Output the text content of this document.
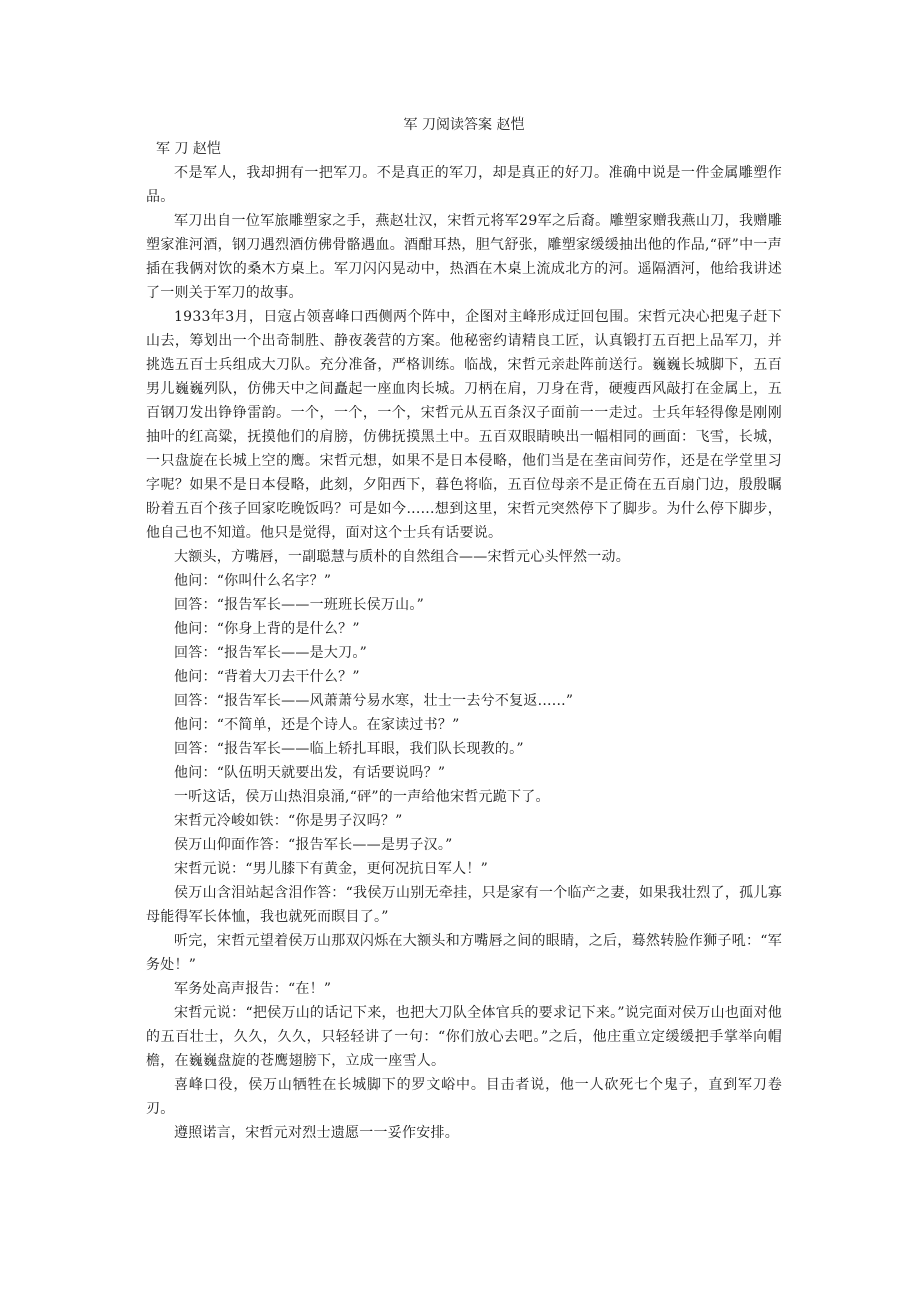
军 刀阅读答案 赵恺

军 刀 赵恺

不是军人，我却拥有一把军刀。不是真正的军刀，却是真正的好刀。准确中说是一件金属雕塑作品。

军刀出自一位军旅雕塑家之手，燕赵壮汉，宋哲元将军29军之后裔。雕塑家赠我燕山刀，我赠雕塑家淮河酒，钢刀遇烈酒仿佛骨骼遇血。酒酣耳热，胆气舒张，雕塑家缓缓抽出他的作品,“砰”中一声插在我俩对饮的桑木方桌上。军刀闪闪晃动中，热酒在木桌上流成北方的河。遥隔酒河，他给我讲述了一则关于军刀的故事。

1933年3月，日寇占领喜峰口西侧两个阵中，企图对主峰形成迂回包围。宋哲元决心把鬼子赶下山去，筹划出一个出奇制胜、静夜袭营的方案。他秘密约请精良工匠，认真锻打五百把上品军刀，并挑选五百士兵组成大刀队。充分准备，严格训练。临战，宋哲元亲赴阵前送行。巍巍长城脚下，五百男儿巍巍列队，仿佛天中之间矗起一座血肉长城。刀柄在肩，刀身在背，硬瘦西风敲打在金属上，五百钢刀发出铮铮雷韵。一个，一个，一个，宋哲元从五百条汉子面前一一走过。士兵年轻得像是刚刚抽叶的红高粱，抚摸他们的肩膀，仿佛抚摸黑土中。五百双眼睛映出一幅相同的画面：飞雪，长城，一只盘旋在长城上空的鹰。宋哲元想，如果不是日本侵略，他们当是在垄亩间劳作，还是在学堂里习字呢？如果不是日本侵略，此刻，夕阳西下，暮色将临，五百位母亲不是正倚在五百扇门边，殷殷瞩盼着五百个孩子回家吃晚饭吗？可是如今......想到这里，宋哲元突然停下了脚步。为什么停下脚步，他自己也不知道。他只是觉得，面对这个士兵有话要说。

大额头，方嘴唇，一副聪慧与质朴的自然组合——宋哲元心头怦然一动。

他问：“你叫什么名字？”

回答：“报告军长——一班班长侯万山。”

他问：“你身上背的是什么？”

回答：“报告军长——是大刀。”

他问：“背着大刀去干什么？”

回答：“报告军长——风萧萧兮易水寒，壮士一去兮不复返......”

他问：“不简单，还是个诗人。在家读过书？”

回答：“报告军长——临上轿扎耳眼，我们队长现教的。”

他问：“队伍明天就要出发，有话要说吗？”

一听这话，侯万山热泪泉涌,“砰”的一声给他宋哲元跪下了。

宋哲元冷峻如铁：“你是男子汉吗？”

侯万山仰面作答：“报告军长——是男子汉。”

宋哲元说：“男儿膝下有黄金，更何况抗日军人！”

侯万山含泪站起含泪作答：“我侯万山别无牵挂，只是家有一个临产之妻，如果我壮烈了，孤儿寡母能得军长体恤，我也就死而瞑目了。”

听完，宋哲元望着侯万山那双闪烁在大额头和方嘴唇之间的眼睛，之后，蓦然转脸作狮子吼：“军务处！”

军务处高声报告：“在！”

宋哲元说：“把侯万山的话记下来，也把大刀队全体官兵的要求记下来。”说完面对侯万山也面对他的五百壮士，久久，久久，只轻轻讲了一句：“你们放心去吧。”之后，他庄重立定缓缓把手掌举向帽檐，在巍巍盘旋的苍鹰翅膀下，立成一座雪人。

喜峰口役，侯万山牺牲在长城脚下的罗文峪中。目击者说，他一人砍死七个鬼子，直到军刀卷刃。

遵照诺言，宋哲元对烈士遗愿一一妥作安排。
